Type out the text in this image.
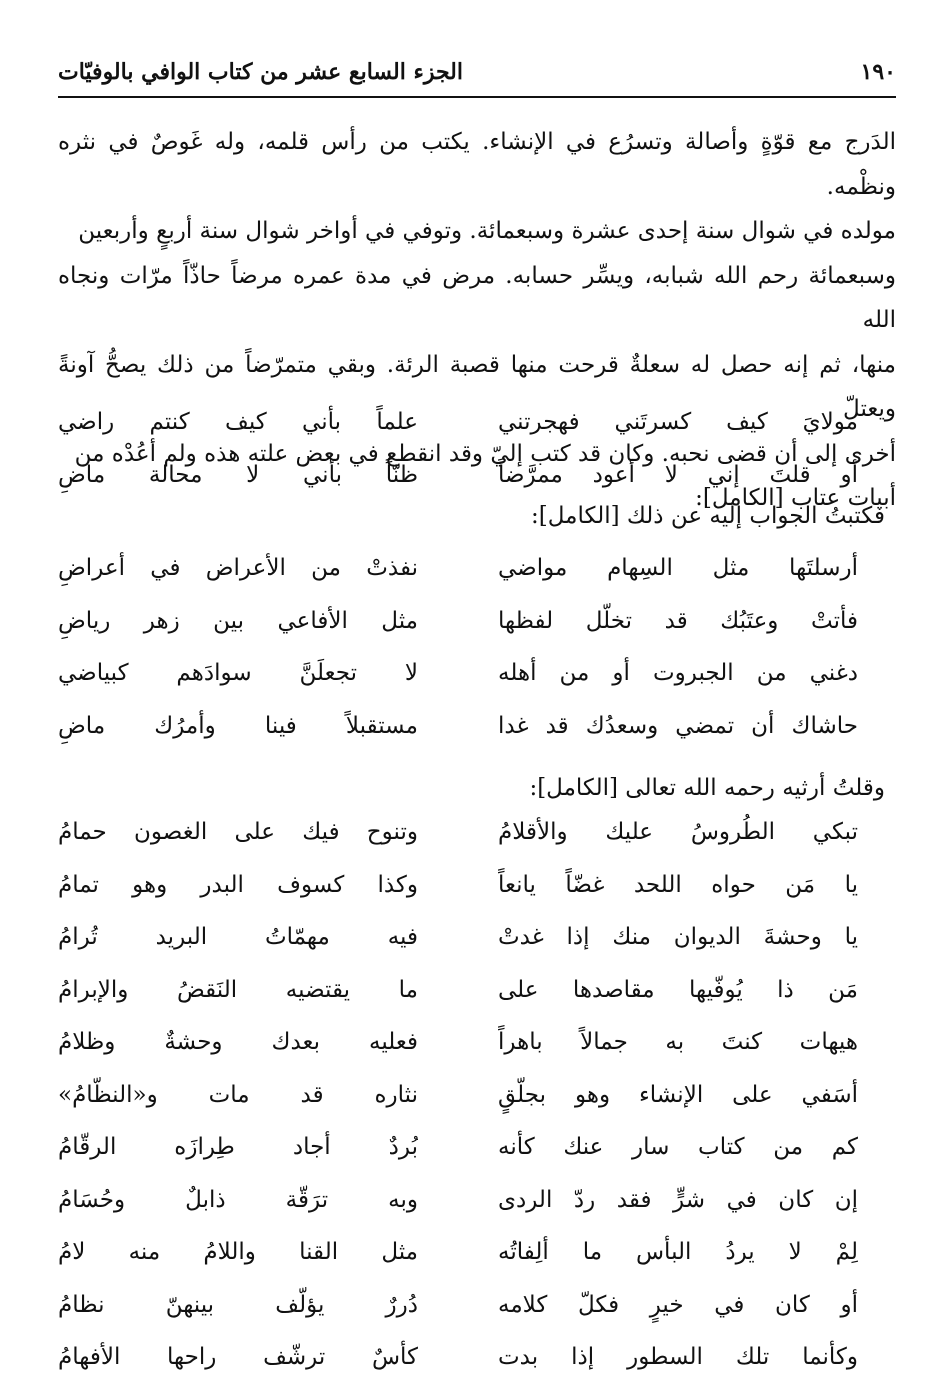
١٩٠
الجزء السابع عشر من كتاب الوافي بالوفيّات

الدَرج مع قوّةٍ وأصالة وتسرُع في الإنشاء. يكتب من رأس قلمه، وله غَوصٌ في نثره ونظْمه.

مولده في شوال سنة إحدى عشرة وسبعمائة. وتوفي في أواخر شوال سنة أربعٍ وأربعين

وسبعمائة رحم الله شبابه، ويسِّر حسابه. مرض في مدة عمره مرضاً حاذّاً مرّات ونجاه الله

منها، ثم إنه حصل له سعلةٌ قرحت منها قصبة الرئة. وبقي متمرّضاً من ذلك يصحُّ آونةً ويعتلّ

أخرى إلى أن قضى نحبه. وكان قد كتب إليّ وقد انقطع في بعض علته هذه ولم أعُدْه من

أبيات عتاب [الكامل]:

مولايَ كيف كسرتَني فهجرتني
علماً بأني كيف كنتم راضي
أو قلتَ إني لا أعود ممرَّضاً
ظنّاً بأني لا محالة ماضِ
فكتبتُ الجواب إليه عن ذلك [الكامل]:
أرسلتَها مثل السِهام مواضي
نفذتْ من الأعراض في أعراضِ
فأتتْ وعتَبُك قد تخلّل لفظها
مثل الأفاعي بين زهر رياضِ
دغني من الجبروت أو من أهله
لا تجعلَنَّ سوادَهم كبياضي
حاشاك أن تمضي وسعدُك قد غدا
مستقبلاً فينا وأمرُك ماضِ
وقلتُ أرثيه رحمه الله تعالى [الكامل]:
تبكي الطُروسُ عليك والأقلامُ
وتنوح فيك على الغصون حمامُ
يا مَن حواه اللحد غضّاً يانعاً
وكذا كسوف البدر وهو تمامُ
يا وحشةَ الديوان منك إذا غدتْ
فيه مهمّاتُ البريد تُرامُ
مَن ذا يُوفّيها مقاصدها على
ما يقتضيه النَقضُ والإبرامُ
هيهات كنتَ به جمالاً باهراً
فعليه بعدك وحشةٌ وظلامُ
أسَفي على الإنشاء وهو بجلّقٍ
نثاره قد مات و«النظّامُ»
كم من كتاب سار عنك كأنه
بُردٌ أجاد طِرازَه الرقّامُ
إن كان في شرٍّ فقد ردّ الردى
وبه ترَقّة ذابلٌ وحُسَامُ
لِمْ لا يردُ البأس ما ألِفاتُه
مثل القنا واللامُ منه لامُ
أو كان في خيرٍ فكلّ كلامه
دُررٌ يؤلّف بينهنّ نظامُ
وكأنما تلك السطور إذا بدت
كأسٌ ترشّف راحها الأفهامُ
